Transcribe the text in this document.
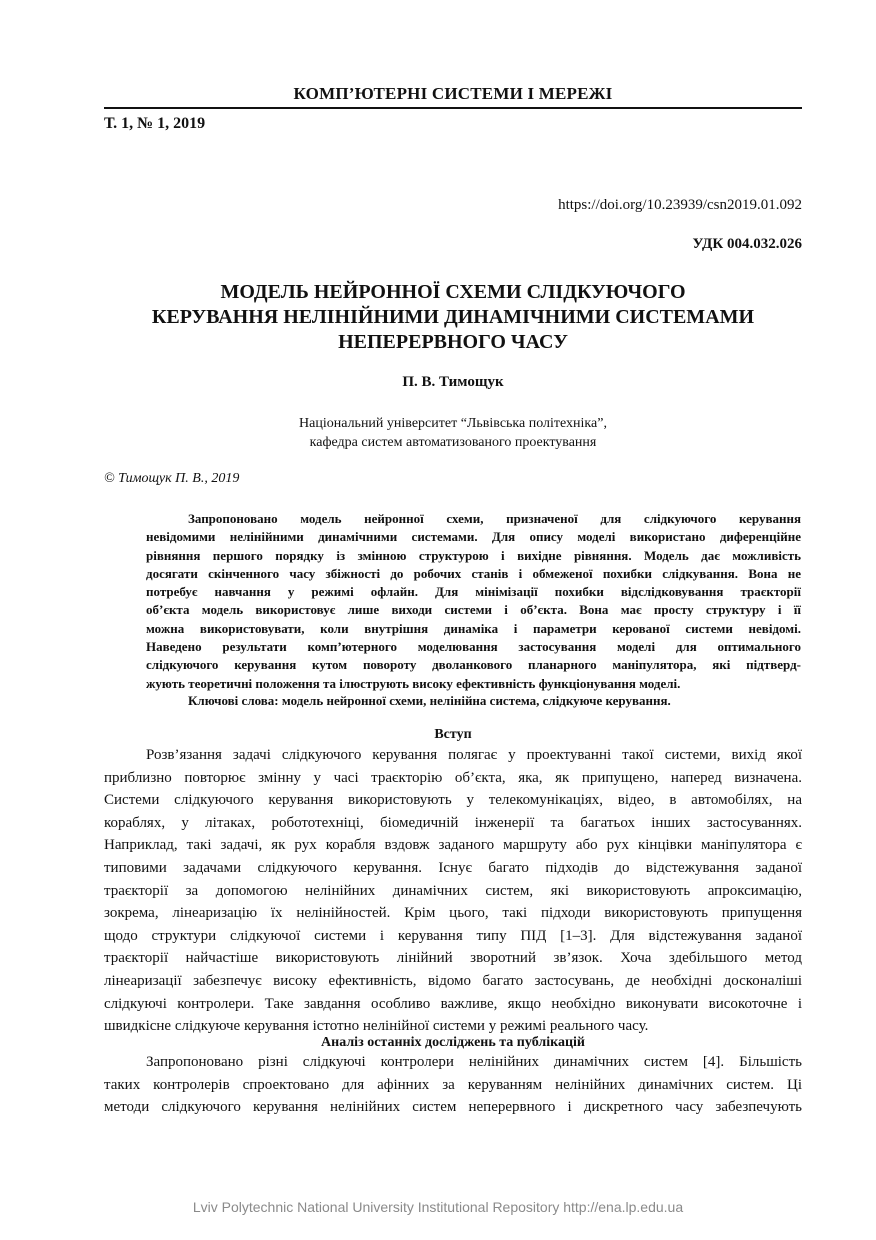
КОМП’ЮТЕРНІ СИСТЕМИ І МЕРЕЖІ
Т. 1, № 1, 2019
https://doi.org/10.23939/csn2019.01.092
УДК 004.032.026
МОДЕЛЬ НЕЙРОННОЇ СХЕМИ СЛІДКУЮЧОГО
КЕРУВАННЯ НЕЛІНІЙНИМИ ДИНАМІЧНИМИ СИСТЕМАМИ
НЕПЕРЕРВНОГО ЧАСУ
П. В. Тимощук
Національний університет “Львівська політехніка”,
кафедра систем автоматизованого проектування
© Тимощук П. В., 2019
Запропоновано модель нейронної схеми, призначеної для слідкуючого керування
невідомими нелінійними динамічними системами. Для опису моделі використано диференційне
рівняння першого порядку із змінною структурою і вихідне рівняння. Модель дає можливість
досягати скінченного часу збіжності до робочих станів і обмеженої похибки слідкування. Вона не
потребує навчання у режимі офлайн. Для мінімізації похибки відслідковування траєкторії
об’єкта модель використовує лише виходи системи і об’єкта. Вона має просту структуру і її
можна використовувати, коли внутрішня динаміка і параметри керованої системи невідомі.
Наведено результати комп’ютерного моделювання застосування моделі для оптимального
слідкуючого керування кутом повороту дволанкового планарного маніпулятора, які підтверд-
жують теоретичні положення та ілюструють високу ефективність функціонування моделі.
Ключові слова: модель нейронної схеми, нелінійна система, слідкуюче керування.
Вступ
Розв’язання задачі слідкуючого керування полягає у проектуванні такої системи, вихід якої
приблизно повторює змінну у часі траєкторію об’єкта, яка, як припущено, наперед визначена.
Системи слідкуючого керування використовують у телекомунікаціях, відео, в автомобілях, на
кораблях, у літаках, робототехніці, біомедичній інженерії та багатьох інших застосуваннях.
Наприклад, такі задачі, як рух корабля вздовж заданого маршруту або рух кінцівки маніпулятора є
типовими задачами слідкуючого керування. Існує багато підходів до відстежування заданої
траєкторії за допомогою нелінійних динамічних систем, які використовують апроксимацію,
зокрема, лінеаризацію їх нелінійностей. Крім цього, такі підходи використовують припущення
щодо структури слідкуючої системи і керування типу ПІД [1–3]. Для відстежування заданої
траєкторії найчастіше використовують лінійний зворотний зв’язок. Хоча здебільшого метод
лінеаризації забезпечує високу ефективність, відомо багато застосувань, де необхідні досконаліші
слідкуючі контролери. Таке завдання особливо важливе, якщо необхідно виконувати високоточне і
швидкісне слідкуюче керування істотно нелінійної системи у режимі реального часу.
Аналіз останніх досліджень та публікацій
Запропоновано різні слідкуючі контролери нелінійних динамічних систем [4]. Більшість
таких контролерів спроектовано для афінних за керуванням нелінійних динамічних систем. Ці
методи слідкуючого керування нелінійних систем неперервного і дискретного часу забезпечують
Lviv Polytechnic National University Institutional Repository http://ena.lp.edu.ua
